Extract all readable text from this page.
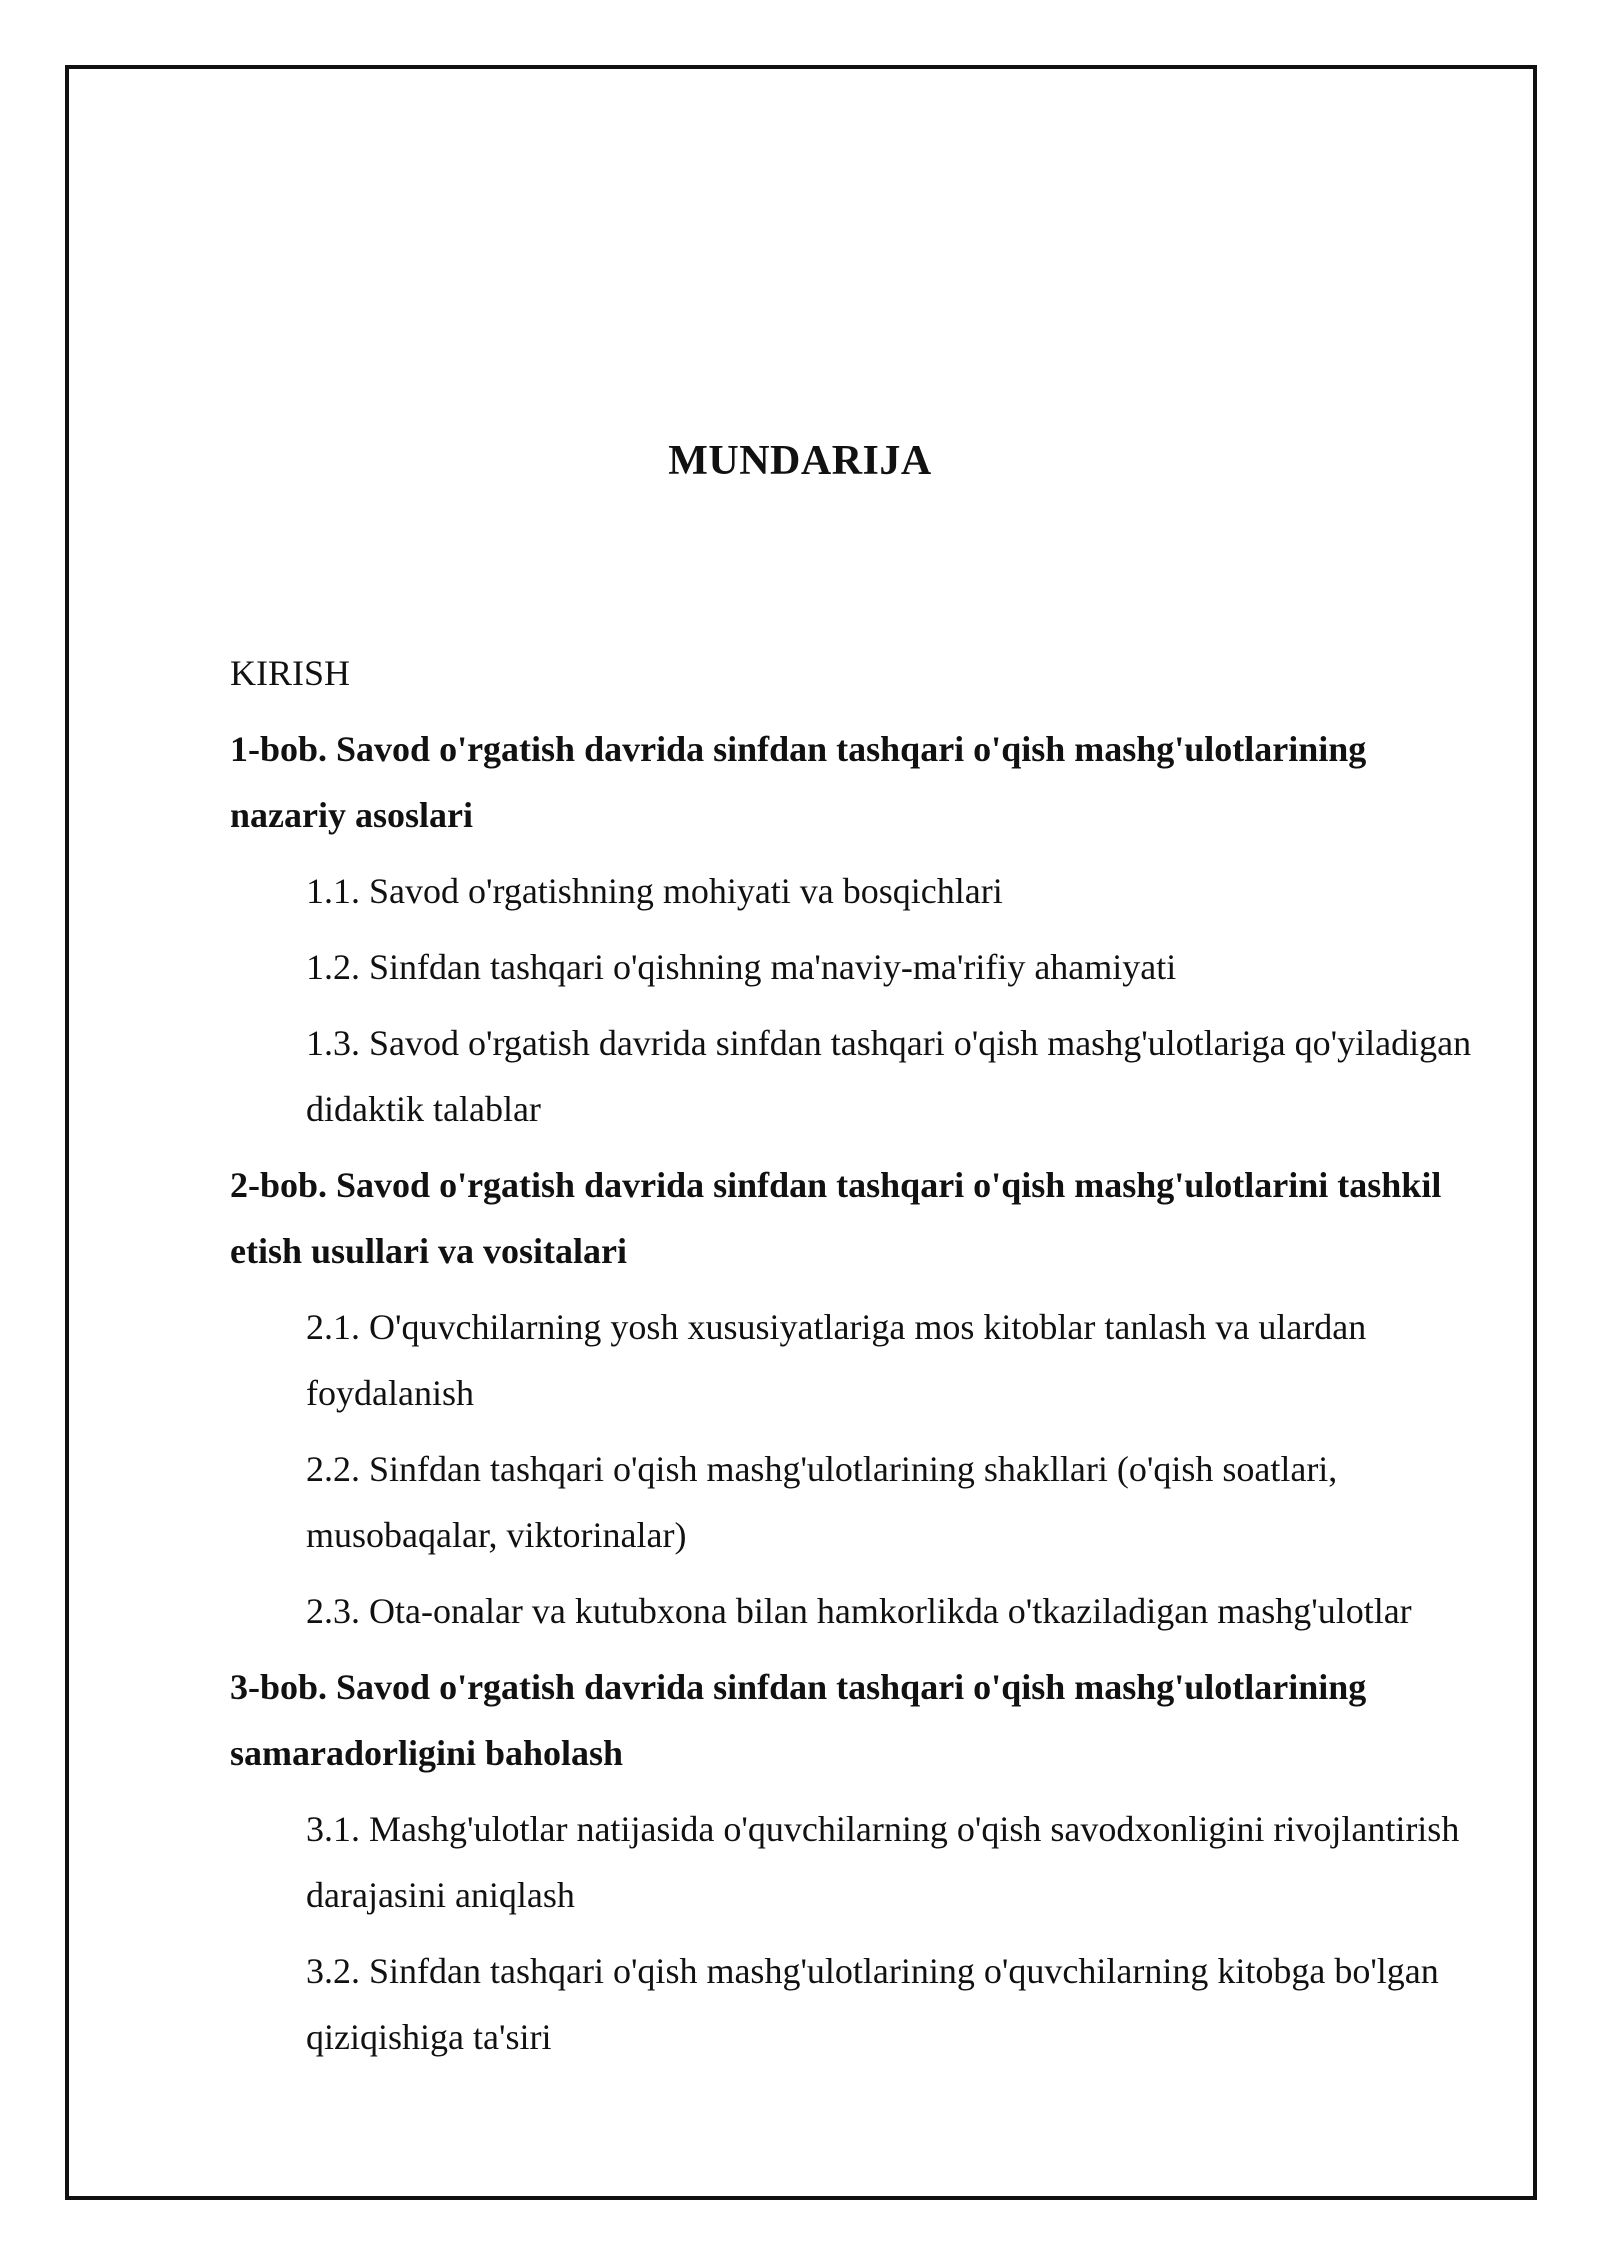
MUNDARIJA

KIRISH

1-bob. Savod o'rgatish davrida sinfdan tashqari o'qish mashg'ulotlarining nazariy asoslari

1.1. Savod o'rgatishning mohiyati va bosqichlari

1.2. Sinfdan tashqari o'qishning ma'naviy-ma'rifiy ahamiyati

1.3. Savod o'rgatish davrida sinfdan tashqari o'qish mashg'ulotlariga qo'yiladigan didaktik talablar

2-bob. Savod o'rgatish davrida sinfdan tashqari o'qish mashg'ulotlarini tashkil etish usullari va vositalari

2.1. O'quvchilarning yosh xususiyatlariga mos kitoblar tanlash va ulardan foydalanish

2.2. Sinfdan tashqari o'qish mashg'ulotlarining shakllari (o'qish soatlari, musobaqalar, viktorinalar)

2.3. Ota-onalar va kutubxona bilan hamkorlikda o'tkaziladigan mashg'ulotlar

3-bob. Savod o'rgatish davrida sinfdan tashqari o'qish mashg'ulotlarining samaradorligini baholash

3.1. Mashg'ulotlar natijasida o'quvchilarning o'qish savodxonligini rivojlantirish darajasini aniqlash

3.2. Sinfdan tashqari o'qish mashg'ulotlarining o'quvchilarning kitobga bo'lgan qiziqishiga ta'siri
